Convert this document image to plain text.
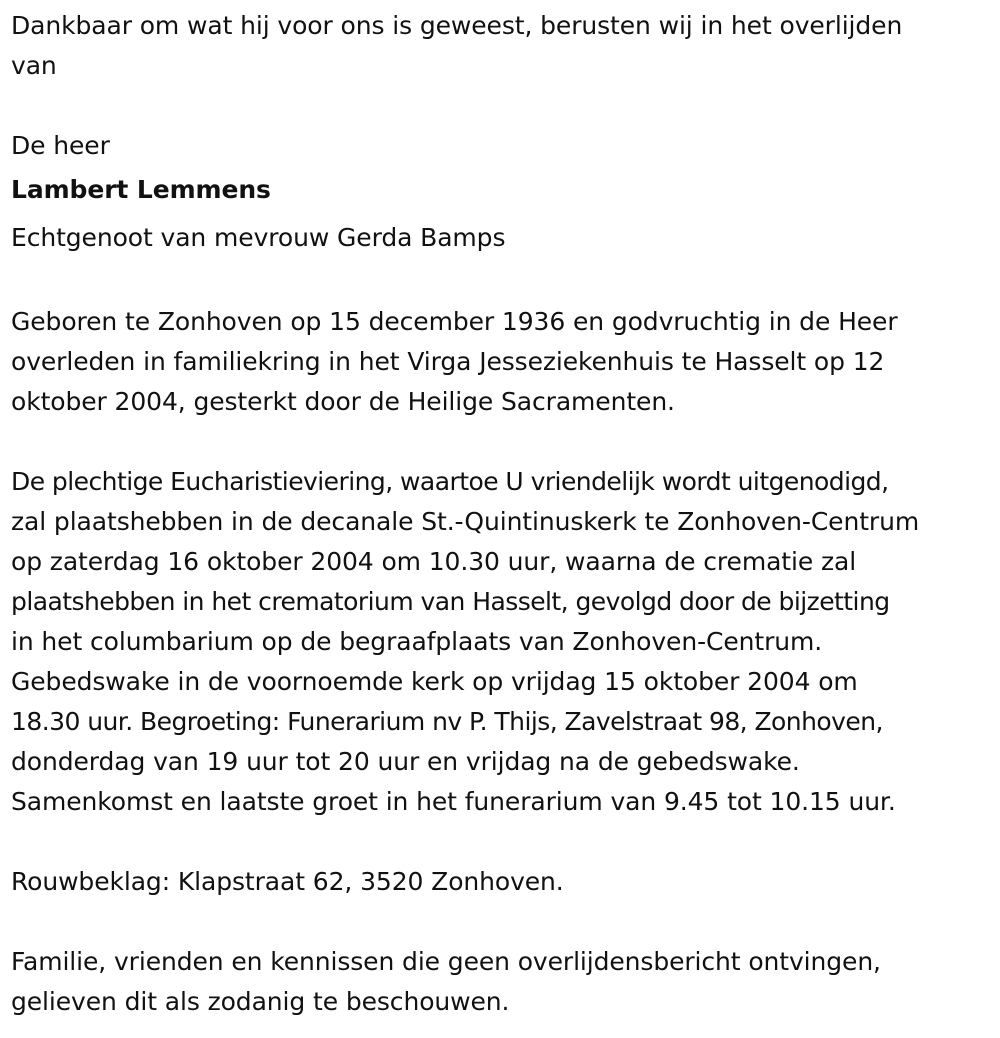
Dankbaar om wat hij voor ons is geweest, berusten wij in het overlijden
van
De heer
Lambert Lemmens
Echtgenoot van mevrouw Gerda Bamps
Geboren te Zonhoven op 15 december 1936 en godvruchtig in de Heer
overleden in familiekring in het Virga Jesseziekenhuis te Hasselt op 12
oktober 2004, gesterkt door de Heilige Sacramenten.
De plechtige Eucharistieviering, waartoe U vriendelijk wordt uitgenodigd,
zal plaatshebben in de decanale St.-Quintinuskerk te Zonhoven-Centrum
op zaterdag 16 oktober 2004 om 10.30 uur, waarna de crematie zal
plaatshebben in het crematorium van Hasselt, gevolgd door de bijzetting
in het columbarium op de begraafplaats van Zonhoven-Centrum.
Gebedswake in de voornoemde kerk op vrijdag 15 oktober 2004 om
18.30 uur. Begroeting: Funerarium nv P. Thijs, Zavelstraat 98, Zonhoven,
donderdag van 19 uur tot 20 uur en vrijdag na de gebedswake.
Samenkomst en laatste groet in het funerarium van 9.45 tot 10.15 uur.
Rouwbeklag: Klapstraat 62, 3520 Zonhoven.
Familie, vrienden en kennissen die geen overlijdensbericht ontvingen,
gelieven dit als zodanig te beschouwen.
